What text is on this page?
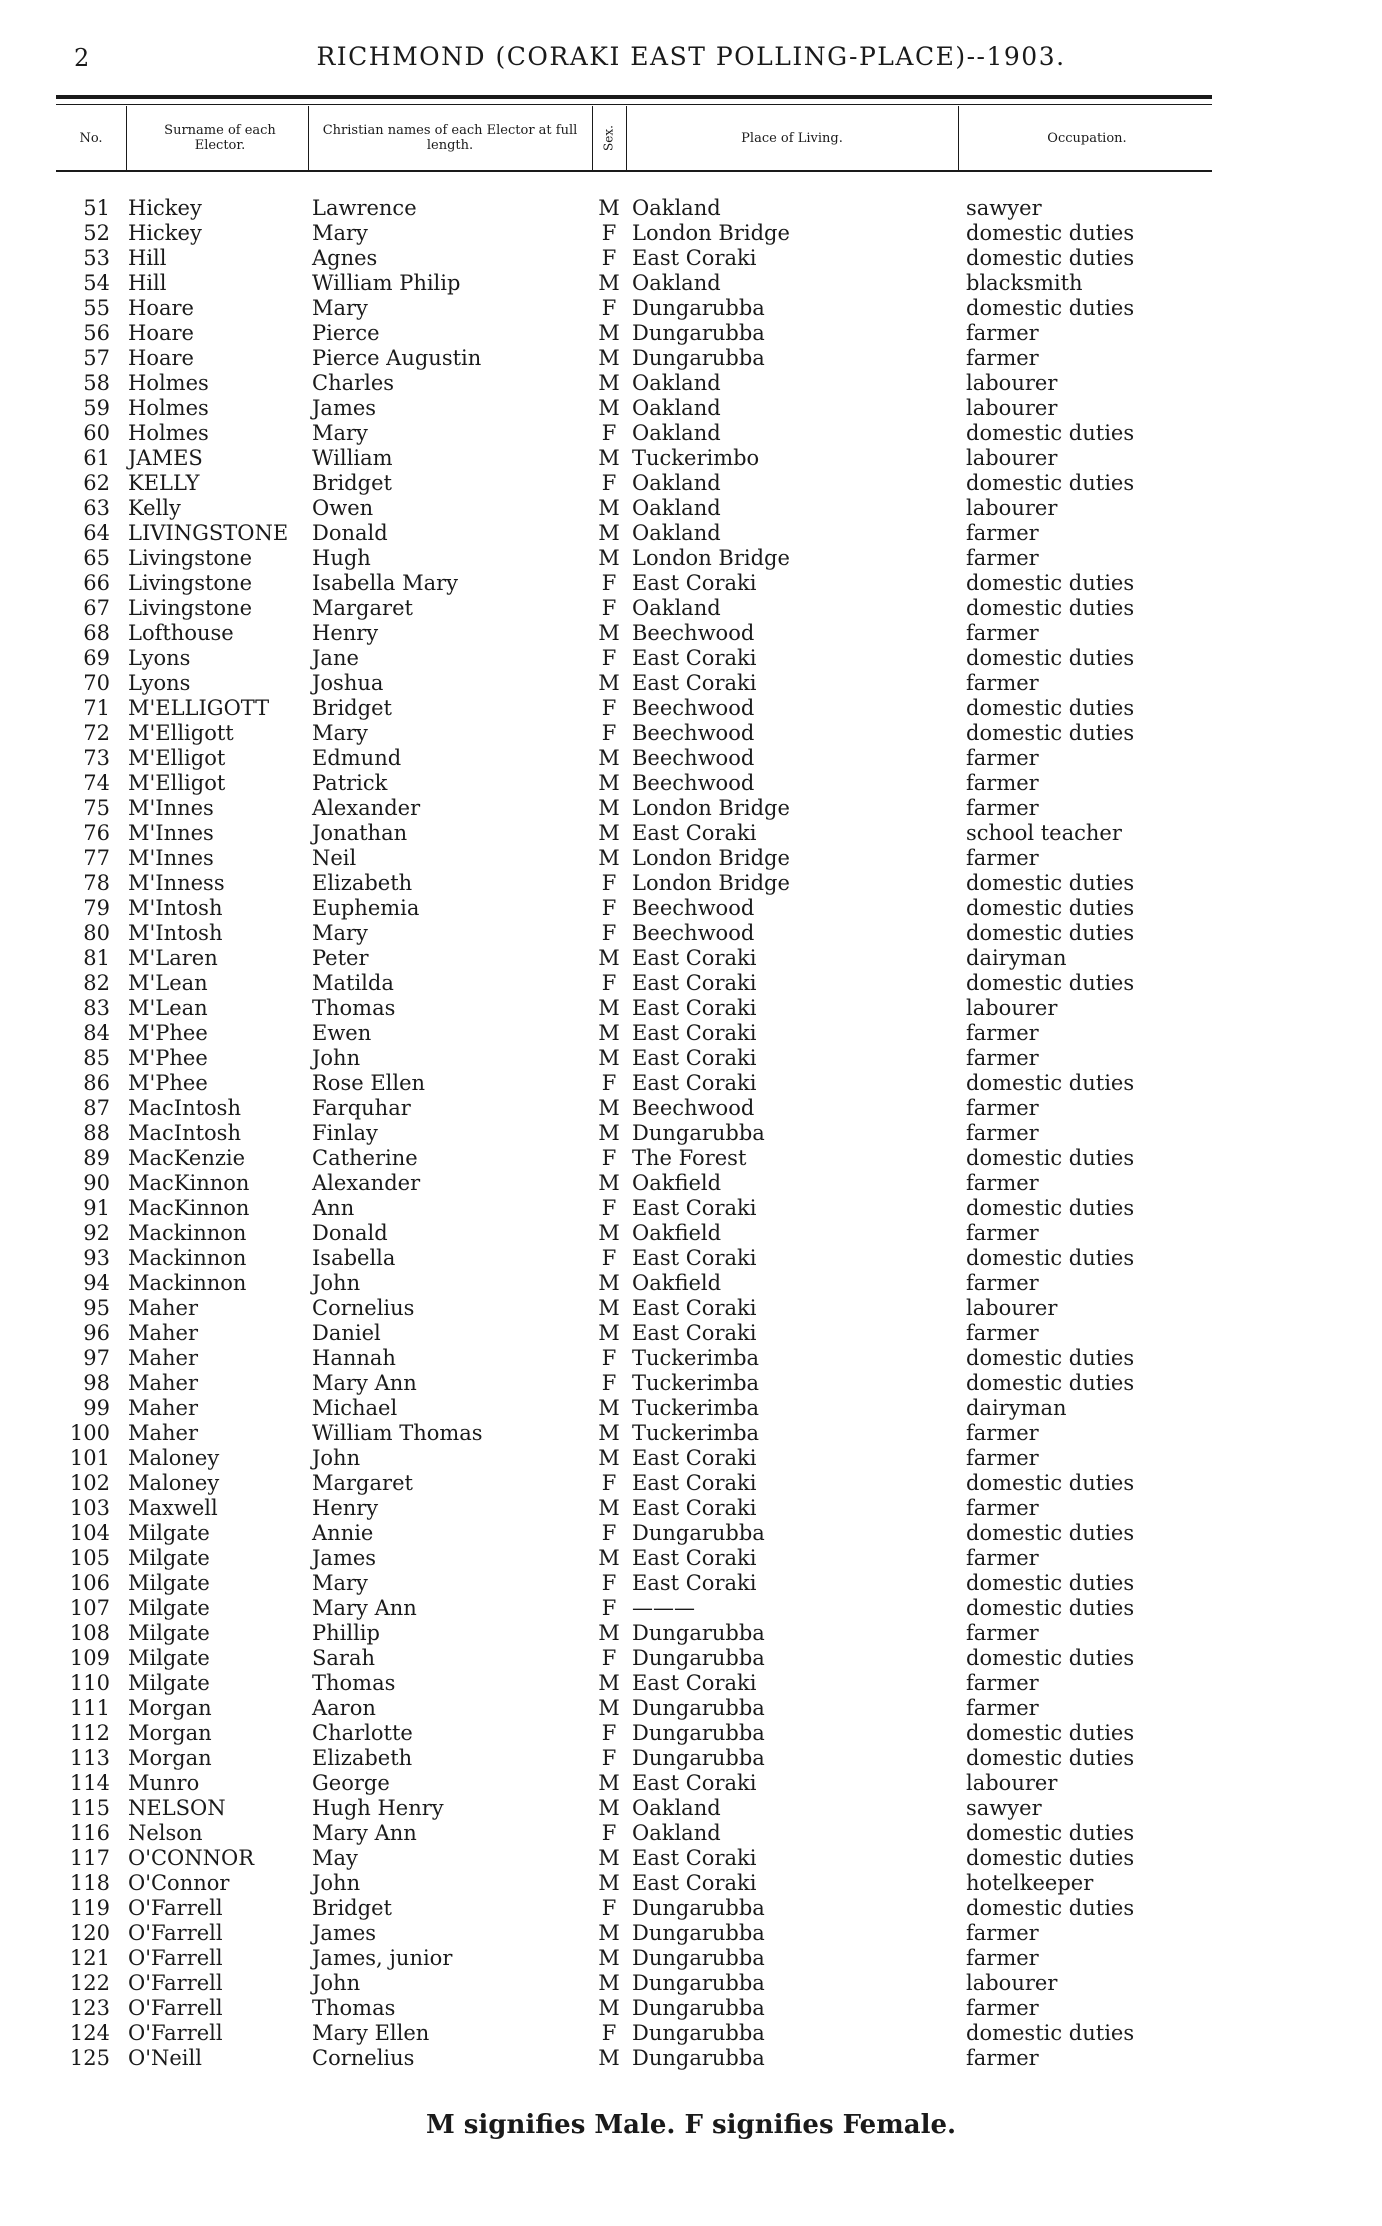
2	RICHMOND (CORAKI EAST POLLING-PLACE)--1903.
No.	Surname of each Elector.
Christian names of each Elector at full length.	Sex.	Place of Living.	Occupation.
51 Hickey	Lawrence	M Oakland	sawyer
52 Hickey	Mary	F London Bridge	domestic duties
53 Hill	Agnes	F East Coraki	domestic duties
54 Hill	William Philip	M Oakland	blacksmith
55 Hoare	Mary	F Dungarubba	domestic duties
56 Hoare	Pierce	M Dungarubba	farmer
57 Hoare	Pierce Augustin	M Dungarubba	farmer
58 Holmes	Charles	M Oakland	labourer
59 Holmes	James	M Oakland	labourer
60 Holmes	Mary	F Oakland	domestic duties
61 JAMES	William	M Tuckerimbo	labourer
62 KELLY	Bridget	F Oakland	domestic duties
63 Kelly	Owen	M Oakland	labourer
64 LIVINGSTONE Donald	M Oakland	farmer
65 Livingstone	Hugh	M London Bridge	farmer
66 Livingstone	Isabella Mary	F East Coraki	domestic duties
67 Livingstone	Margaret	F Oakland	domestic duties
68 Lofthouse	Henry	M Beechwood	farmer
69 Lyons	Jane	F East Coraki	domestic duties
70 Lyons	Joshua	M East Coraki	farmer
71 M'ELLIGOTT Bridget	F Beechwood	domestic duties
72 M'Elligott	Mary	F Beechwood	domestic duties
73 M'Elligot	Edmund	M Beechwood	farmer
74 M'Elligot	Patrick	M Beechwood	farmer
75 M'Innes	Alexander	M London Bridge	farmer
76 M'Innes	Jonathan	M East Coraki	school teacher
77 M'Innes	Neil	M London Bridge	farmer
78 M'Inness	Elizabeth	F London Bridge	domestic duties
79 M'Intosh	Euphemia	F Beechwood	domestic duties
80 M'Intosh	Mary	F Beechwood	domestic duties
81 M'Laren	Peter	M East Coraki	dairyman
82 M'Lean	Matilda	F East Coraki	domestic duties
83 M'Lean	Thomas	M East Coraki	labourer
84 M'Phee	Ewen	M East Coraki	farmer
85 M'Phee	John	M East Coraki	farmer
86 M'Phee	Rose Ellen	F East Coraki	domestic duties
87 MacIntosh	Farquhar	M Beechwood	farmer
88 MacIntosh	Finlay	M Dungarubba	farmer
89 MacKenzie	Catherine	F The Forest	domestic duties
90 MacKinnon	Alexander	M Oakfield	farmer
91 MacKinnon	Ann	F East Coraki	domestic duties
92 Mackinnon	Donald	M Oakfield	farmer
93 Mackinnon	Isabella	F East Coraki	domestic duties
94 Mackinnon	John	M Oakfield	farmer
95 Maher	Cornelius	M East Coraki	labourer
96 Maher	Daniel	M East Coraki	farmer
97 Maher	Hannah	F Tuckerimba	domestic duties
98 Maher	Mary Ann	F Tuckerimba	domestic duties
99 Maher	Michael	M Tuckerimba	dairyman
100 Maher	William Thomas	M Tuckerimba	farmer
101 Maloney	John	M East Coraki	farmer
102 Maloney	Margaret	F East Coraki	domestic duties
103 Maxwell	Henry	M East Coraki	farmer
104 Milgate	Annie	F Dungarubba	domestic duties
105 Milgate	James	M East Coraki	farmer
106 Milgate	Mary	F East Coraki	domestic duties
107 Milgate	Mary Ann	F ———	domestic duties
108 Milgate	Phillip	M Dungarubba	farmer
109 Milgate	Sarah	F Dungarubba	domestic duties
110 Milgate	Thomas	M East Coraki	farmer
111 Morgan	Aaron	M Dungarubba	farmer
112 Morgan	Charlotte	F Dungarubba	domestic duties
113 Morgan	Elizabeth	F Dungarubba	domestic duties
114 Munro	George	M East Coraki	labourer
115 NELSON	Hugh Henry	M Oakland	sawyer
116 Nelson	Mary Ann	F Oakland	domestic duties
117 O'CONNOR	May	M East Coraki	domestic duties
118 O'Connor	John	M East Coraki	hotelkeeper
119 O'Farrell	Bridget	F Dungarubba	domestic duties
120 O'Farrell	James	M Dungarubba	farmer
121 O'Farrell	James, junior	M Dungarubba	farmer
122 O'Farrell	John	M Dungarubba	labourer
123 O'Farrell	Thomas	M Dungarubba	farmer
124 O'Farrell	Mary Ellen	F Dungarubba	domestic duties
125 O'Neill	Cornelius	M Dungarubba	farmer
M signifies Male. F signifies Female.
